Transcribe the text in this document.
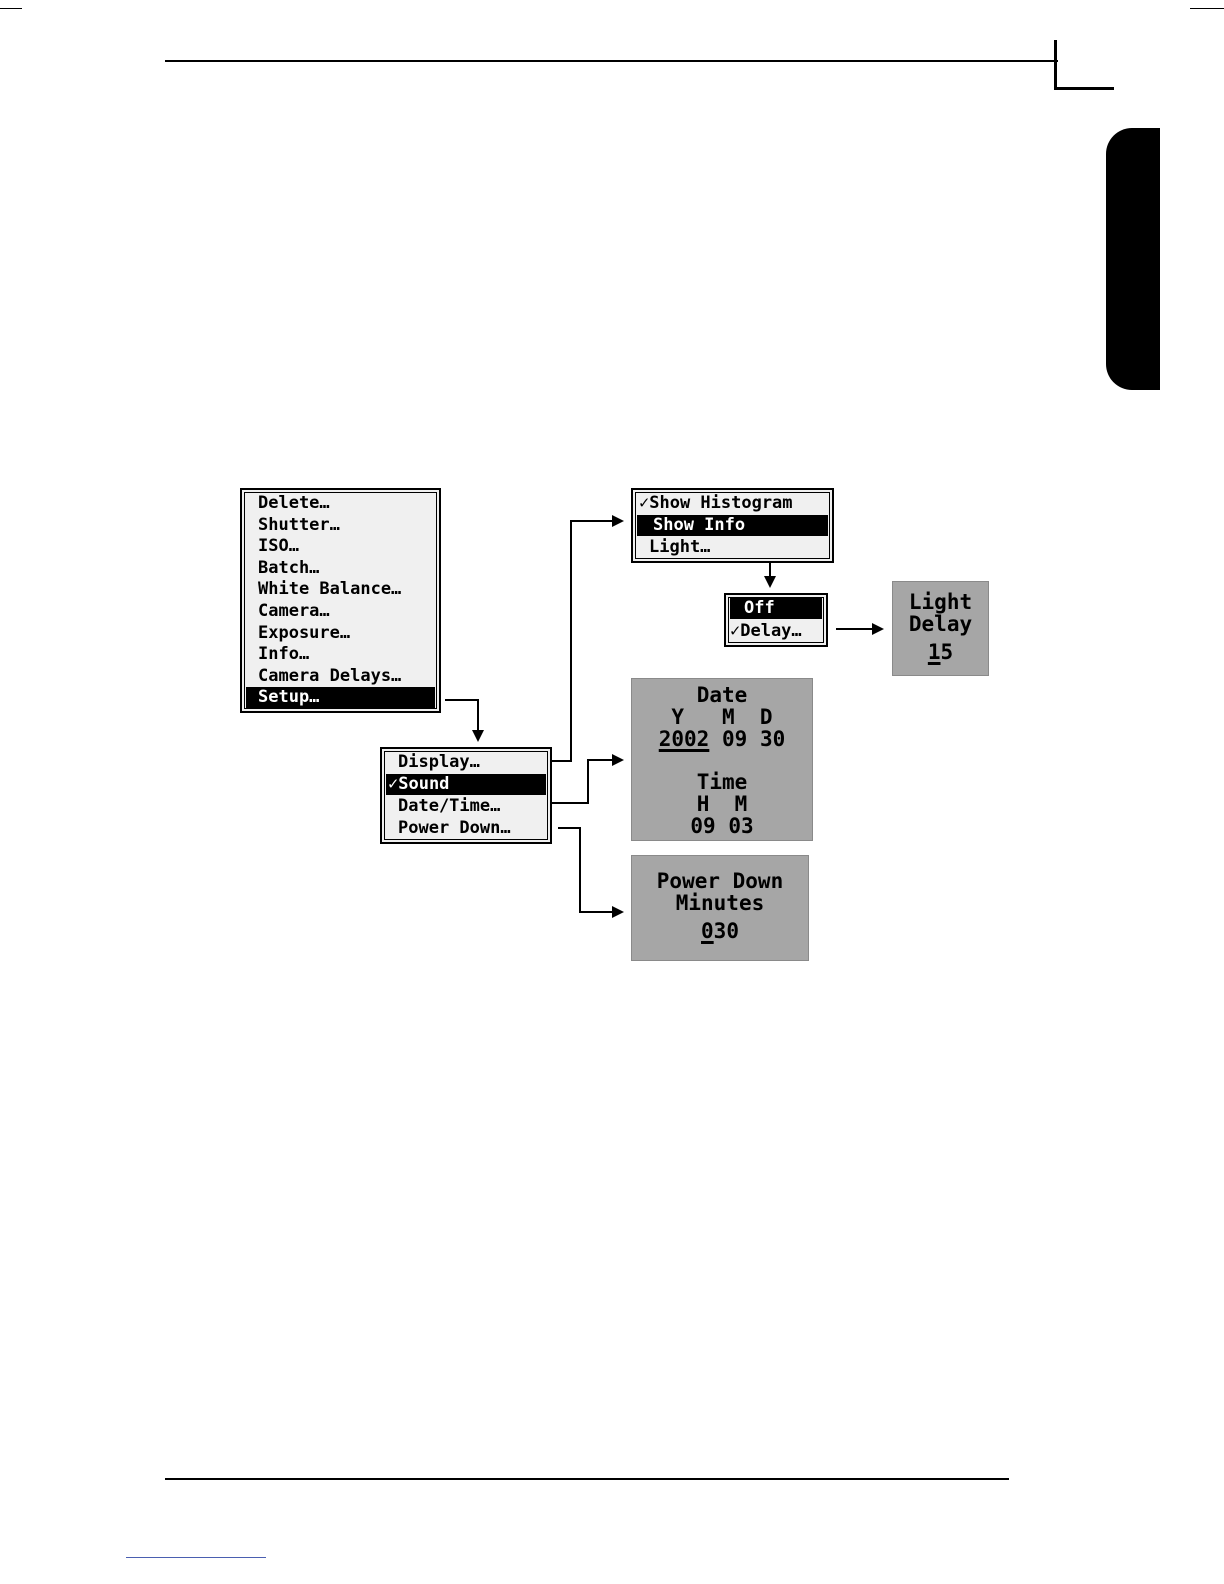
Delete…
Shutter…
ISO…
Batch…
White Balance…
Camera…
Exposure…
Info…
Camera Delays…
Setup…
Display…
✓Sound
Date/Time…
Power Down…
✓Show Histogram
Show Info
Light…
Off
✓Delay…
Light
Delay
15
Date
Y   M  D
2002 09 30
Time
H  M
09 03
Power Down
Minutes
030
